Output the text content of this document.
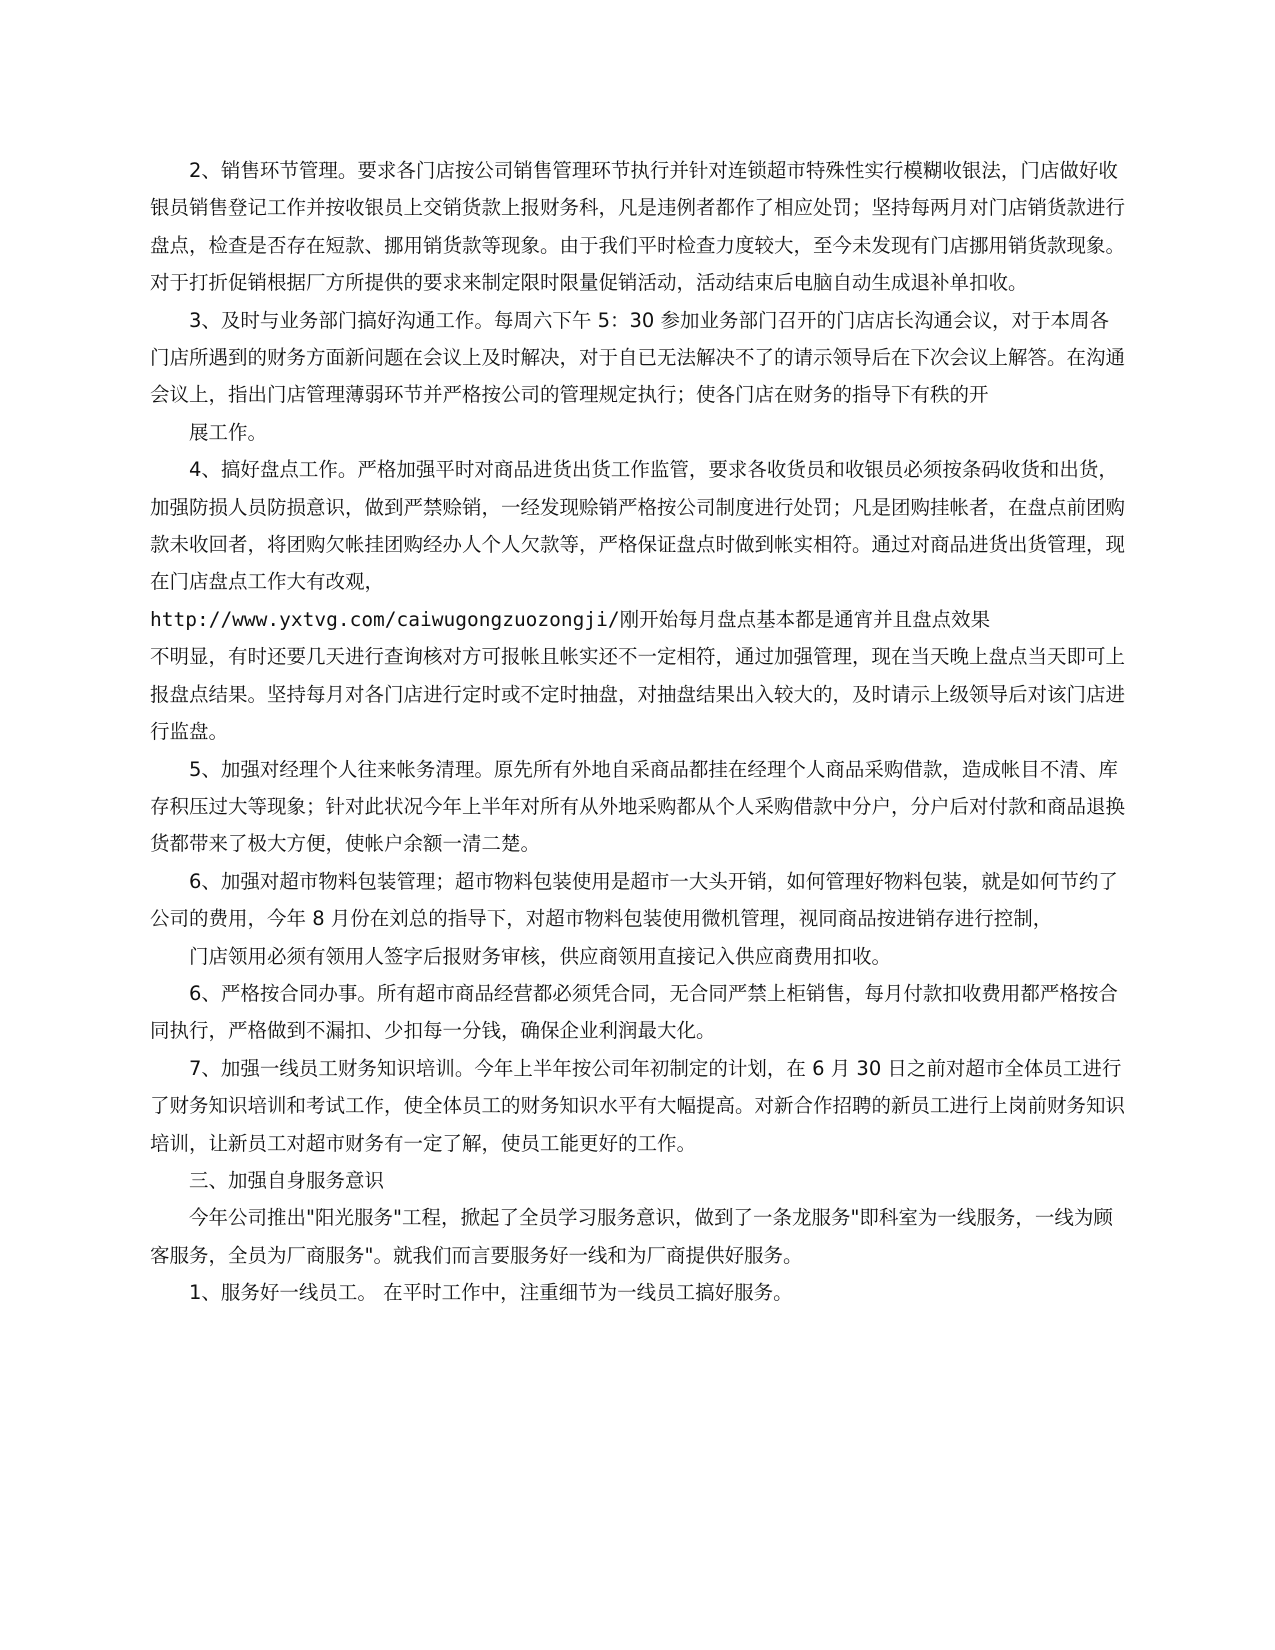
2、销售环节管理。要求各门店按公司销售管理环节执行并针对连锁超市特殊性实行模糊收银法，门店做好收银员销售登记工作并按收银员上交销货款上报财务科，凡是违例者都作了相应处罚；坚持每两月对门店销货款进行盘点，检查是否存在短款、挪用销货款等现象。由于我们平时检查力度较大，至今未发现有门店挪用销货款现象。对于打折促销根据厂方所提供的要求来制定限时限量促销活动，活动结束后电脑自动生成退补单扣收。

3、及时与业务部门搞好沟通工作。每周六下午 5：30 参加业务部门召开的门店店长沟通会议，对于本周各门店所遇到的财务方面新问题在会议上及时解决，对于自已无法解决不了的请示领导后在下次会议上解答。在沟通会议上，指出门店管理薄弱环节并严格按公司的管理规定执行；使各门店在财务的指导下有秩的开

展工作。

4、搞好盘点工作。严格加强平时对商品进货出货工作监管，要求各收货员和收银员必须按条码收货和出货，加强防损人员防损意识，做到严禁赊销，一经发现赊销严格按公司制度进行处罚；凡是团购挂帐者，在盘点前团购款未收回者，将团购欠帐挂团购经办人个人欠款等，严格保证盘点时做到帐实相符。通过对商品进货出货管理，现在门店盘点工作大有改观，

http://www.yxtvg.com/caiwugongzuozongji/刚开始每月盘点基本都是通宵并且盘点效果

不明显，有时还要几天进行查询核对方可报帐且帐实还不一定相符，通过加强管理，现在当天晚上盘点当天即可上报盘点结果。坚持每月对各门店进行定时或不定时抽盘，对抽盘结果出入较大的，及时请示上级领导后对该门店进行监盘。

5、加强对经理个人往来帐务清理。原先所有外地自采商品都挂在经理个人商品采购借款，造成帐目不清、库存积压过大等现象；针对此状况今年上半年对所有从外地采购都从个人采购借款中分户，分户后对付款和商品退换货都带来了极大方便，使帐户余额一清二楚。

6、加强对超市物料包装管理；超市物料包装使用是超市一大头开销，如何管理好物料包装，就是如何节约了公司的费用，今年 8 月份在刘总的指导下，对超市物料包装使用微机管理，视同商品按进销存进行控制，

门店领用必须有领用人签字后报财务审核，供应商领用直接记入供应商费用扣收。

6、严格按合同办事。所有超市商品经营都必须凭合同，无合同严禁上柜销售，每月付款扣收费用都严格按合同执行，严格做到不漏扣、少扣每一分钱，确保企业利润最大化。

7、加强一线员工财务知识培训。今年上半年按公司年初制定的计划，在 6 月 30 日之前对超市全体员工进行了财务知识培训和考试工作，使全体员工的财务知识水平有大幅提高。对新合作招聘的新员工进行上岗前财务知识培训，让新员工对超市财务有一定了解，使员工能更好的工作。

三、加强自身服务意识

今年公司推出"阳光服务"工程，掀起了全员学习服务意识，做到了一条龙服务"即科室为一线服务，一线为顾客服务，全员为厂商服务"。就我们而言要服务好一线和为厂商提供好服务。

1、服务好一线员工。 在平时工作中，注重细节为一线员工搞好服务。
